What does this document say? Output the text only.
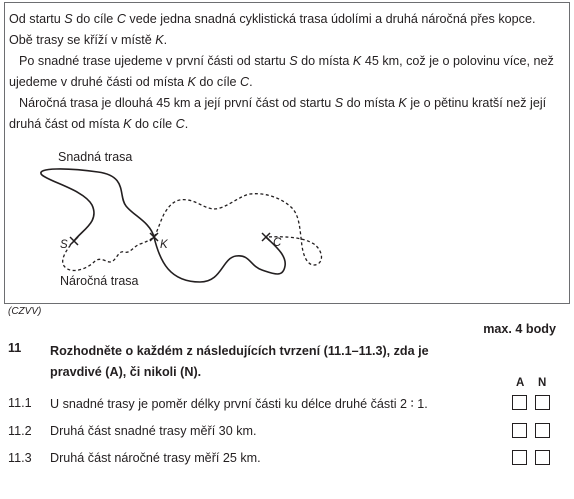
Od startu S do cíle C vede jedna snadná cyklistická trasa údolími a druhá náročná přes kopce. Obě trasy se kříží v místě K.

Po snadné trase ujedeme v první části od startu S do místa K 45 km, což je o polovinu více, než ujedeme v druhé části od místa K do cíle C.

Náročná trasa je dlouhá 45 km a její první část od startu S do místa K je o pětinu kratší než její druhá část od místa K do cíle C.

Snadná trasa
Náročná trasa
S	K	C
(CZVV)
max. 4 body
11 Rozhodněte o každém z následujících tvrzení (11.1–11.3), zda je pravdivé (A), či nikoli (N).
A N
11.1 U snadné trasy je poměr délky první části ku délce druhé části 2 ∶ 1.
11.2 Druhá část snadné trasy měří 30 km.
11.3 Druhá část náročné trasy měří 25 km.
